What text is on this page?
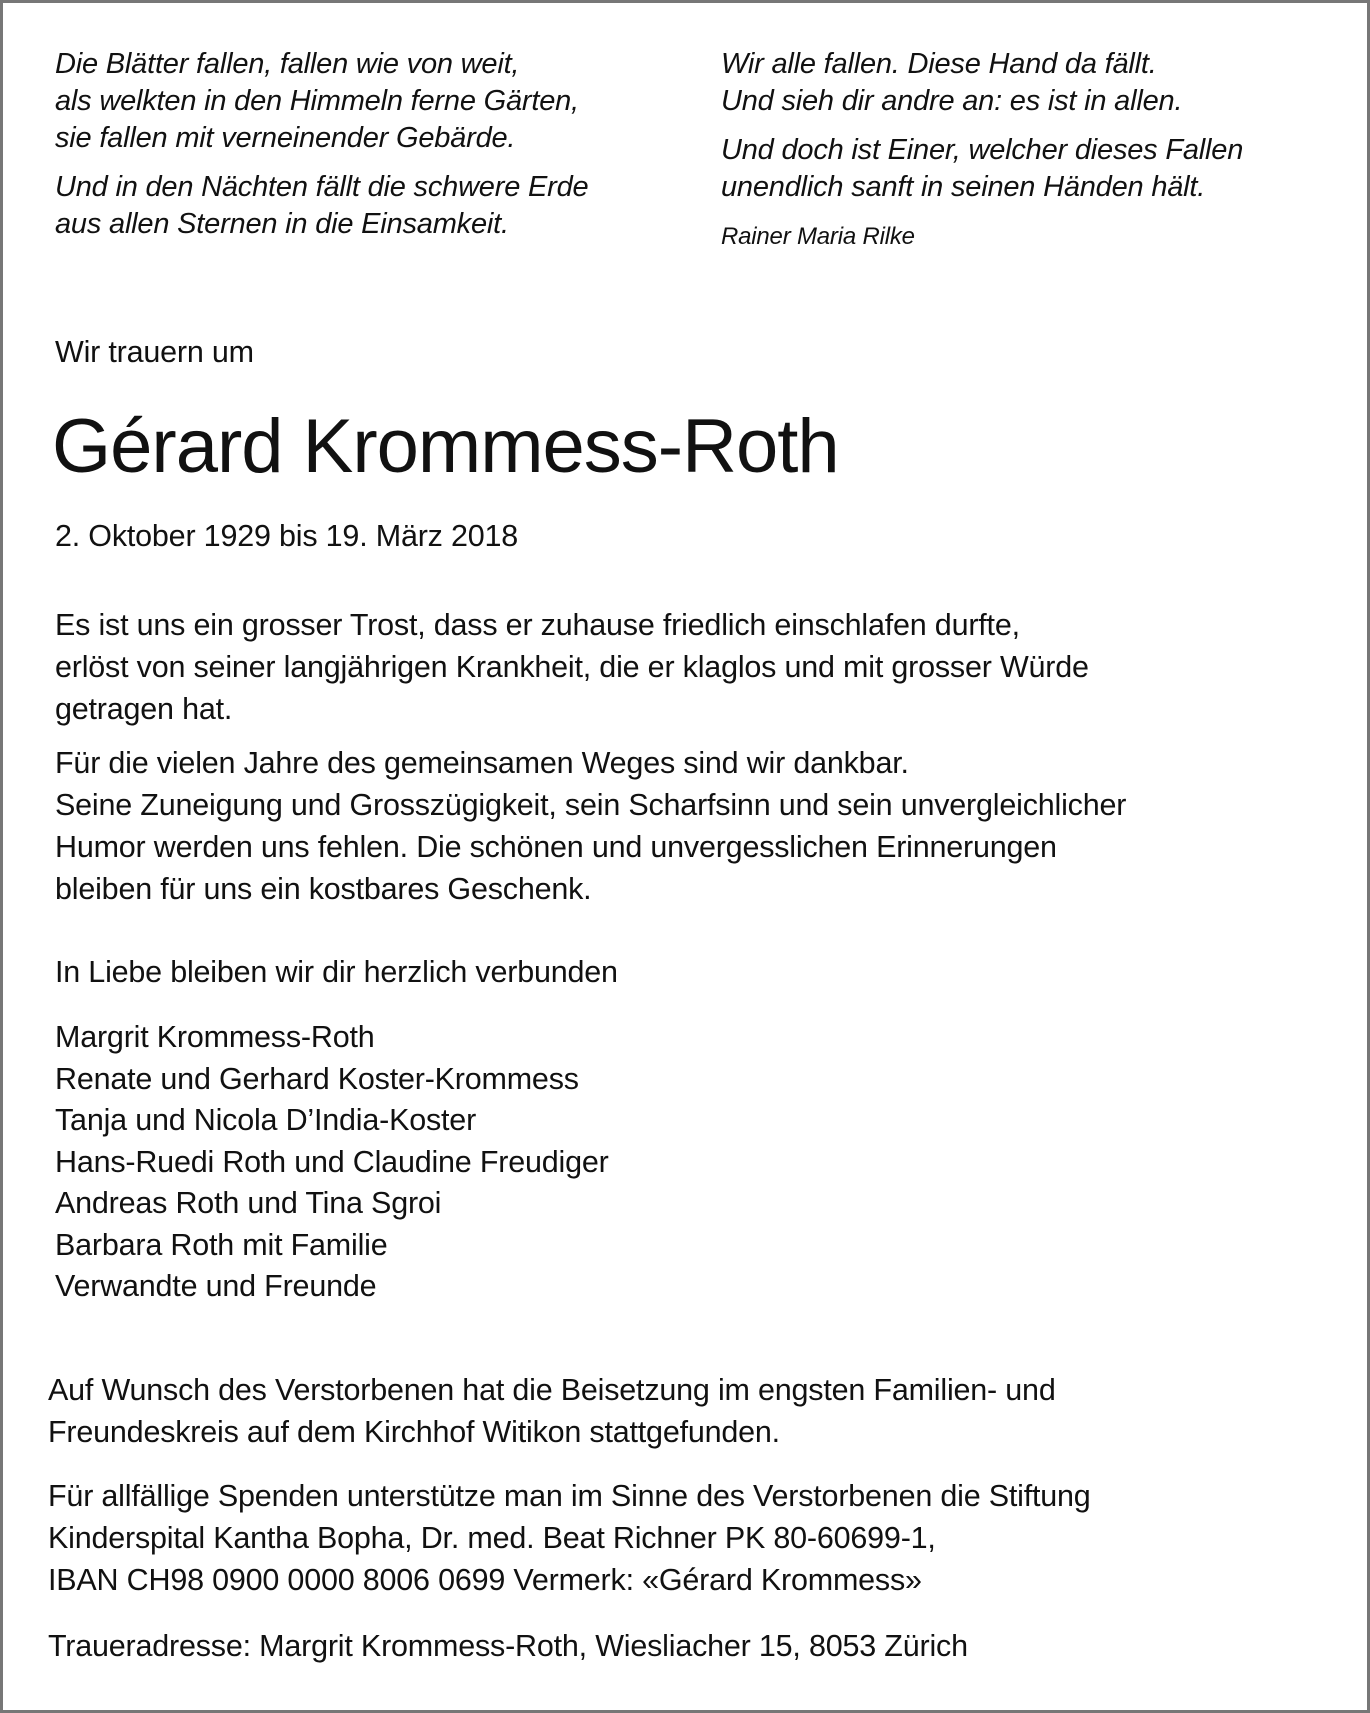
Die Blätter fallen, fallen wie von weit,
als welkten in den Himmeln ferne Gärten,
sie fallen mit verneinender Gebärde.

Und in den Nächten fällt die schwere Erde
aus allen Sternen in die Einsamkeit.

Wir alle fallen. Diese Hand da fällt.
Und sieh dir andre an: es ist in allen.

Und doch ist Einer, welcher dieses Fallen
unendlich sanft in seinen Händen hält.

Rainer Maria Rilke
Wir trauern um
Gérard Krommess-Roth
2. Oktober 1929 bis 19. März 2018

Es ist uns ein grosser Trost, dass er zuhause friedlich einschlafen durfte,
erlöst von seiner langjährigen Krankheit, die er klaglos und mit grosser Würde
getragen hat.

Für die vielen Jahre des gemeinsamen Weges sind wir dankbar.
Seine Zuneigung und Grosszügigkeit, sein Scharfsinn und sein unvergleichlicher
Humor werden uns fehlen. Die schönen und unvergesslichen Erinnerungen
bleiben für uns ein kostbares Geschenk.

In Liebe bleiben wir dir herzlich verbunden
Margrit Krommess-Roth
Renate und Gerhard Koster-Krommess
Tanja und Nicola D’India-Koster
Hans-Ruedi Roth und Claudine Freudiger
Andreas Roth und Tina Sgroi
Barbara Roth mit Familie
Verwandte und Freunde
Auf Wunsch des Verstorbenen hat die Beisetzung im engsten Familien- und
Freundeskreis auf dem Kirchhof Witikon stattgefunden.
Für allfällige Spenden unterstütze man im Sinne des Verstorbenen die Stiftung
Kinderspital Kantha Bopha, Dr. med. Beat Richner PK 80-60699-1,
IBAN CH98 0900 0000 8006 0699 Vermerk: «Gérard Krommess»
Traueradresse: Margrit Krommess-Roth, Wiesliacher 15, 8053 Zürich
